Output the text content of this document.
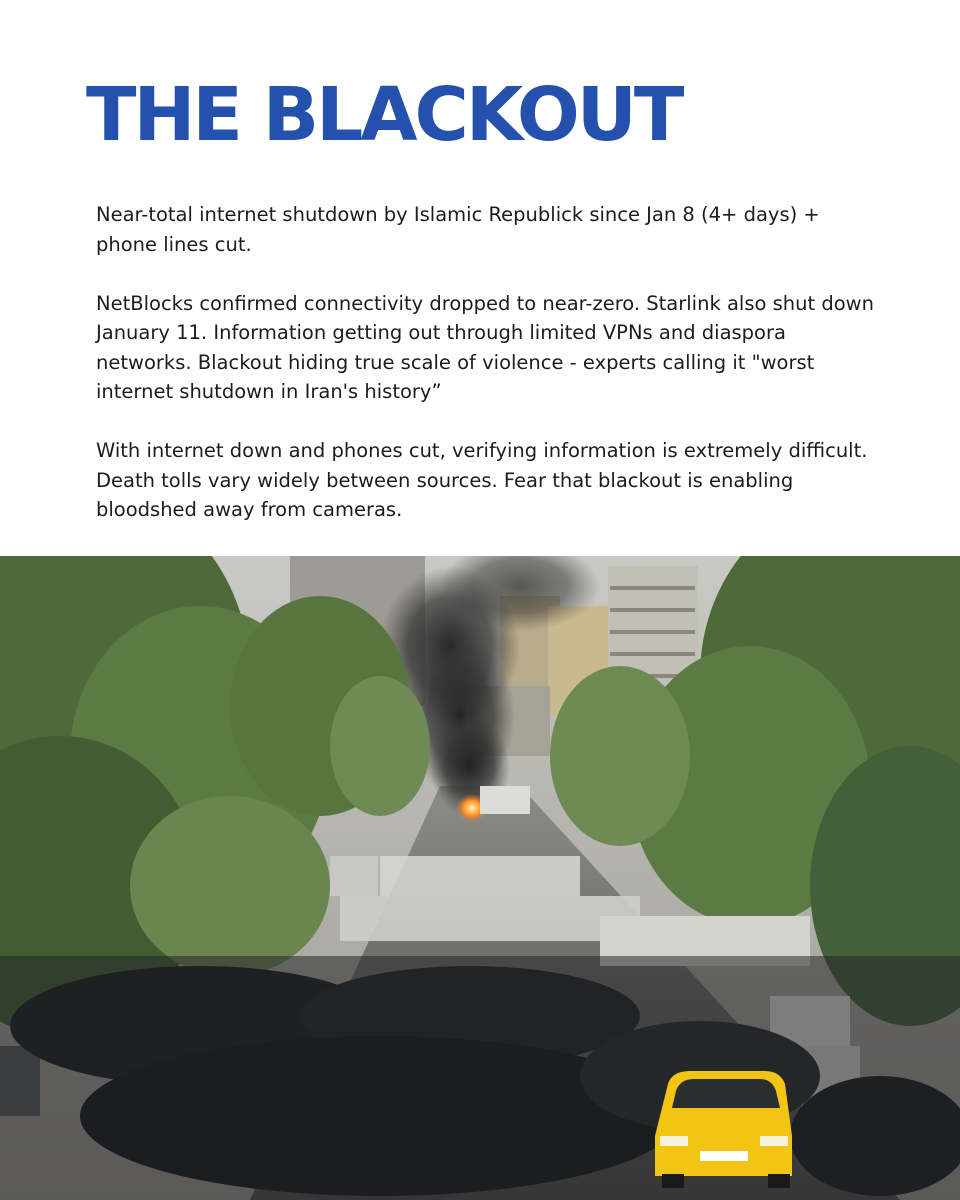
THE BLACKOUT

Near-total internet shutdown by Islamic Republick since Jan 8 (4+ days) + phone lines cut.

NetBlocks confirmed connectivity dropped to near-zero. Starlink also shut down January 11. Information getting out through limited VPNs and diaspora networks. Blackout hiding true scale of violence - experts calling it "worst internet shutdown in Iran's history”

With internet down and phones cut, verifying information is extremely difficult. Death tolls vary widely between sources. Fear that blackout is enabling bloodshed away from cameras.
